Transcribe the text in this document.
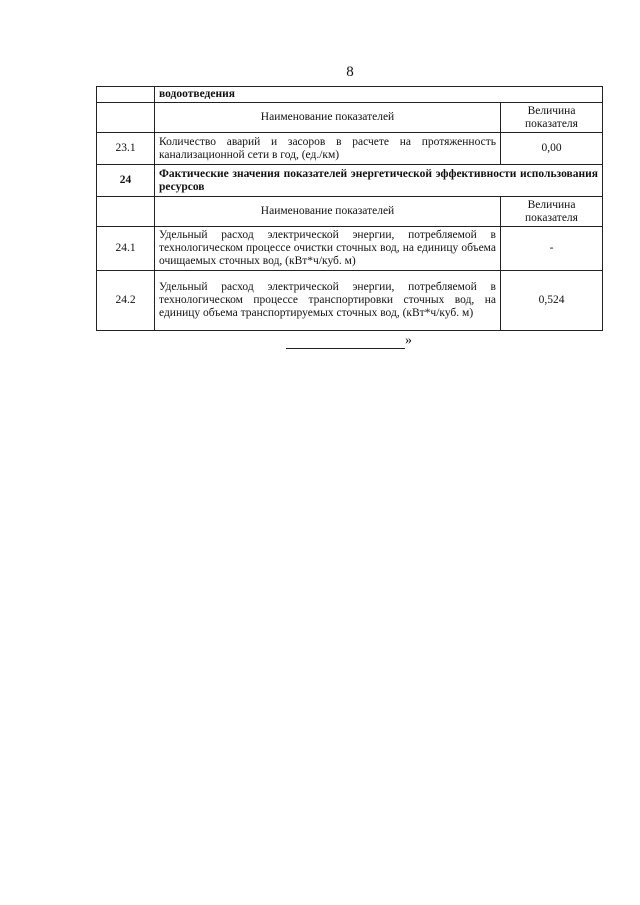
8
	водоотведения	
	Наименование показателей	Величина показателя
23.1	Количество аварий и засоров в расчете на протяженность канализационной сети в год, (ед./км)	0,00
24	Фактические значения показателей энергетической эффективности использования ресурсов	
	Наименование показателей	Величина показателя
24.1	Удельный расход электрической энергии, потребляемой в технологическом процессе очистки сточных вод, на единицу объема очищаемых сточных вод, (кВт*ч/куб. м)	-
24.2	Удельный расход электрической энергии, потребляемой в технологическом процессе транспортировки сточных вод, на единицу объема транспортируемых сточных вод, (кВт*ч/куб. м)	0,524
»
